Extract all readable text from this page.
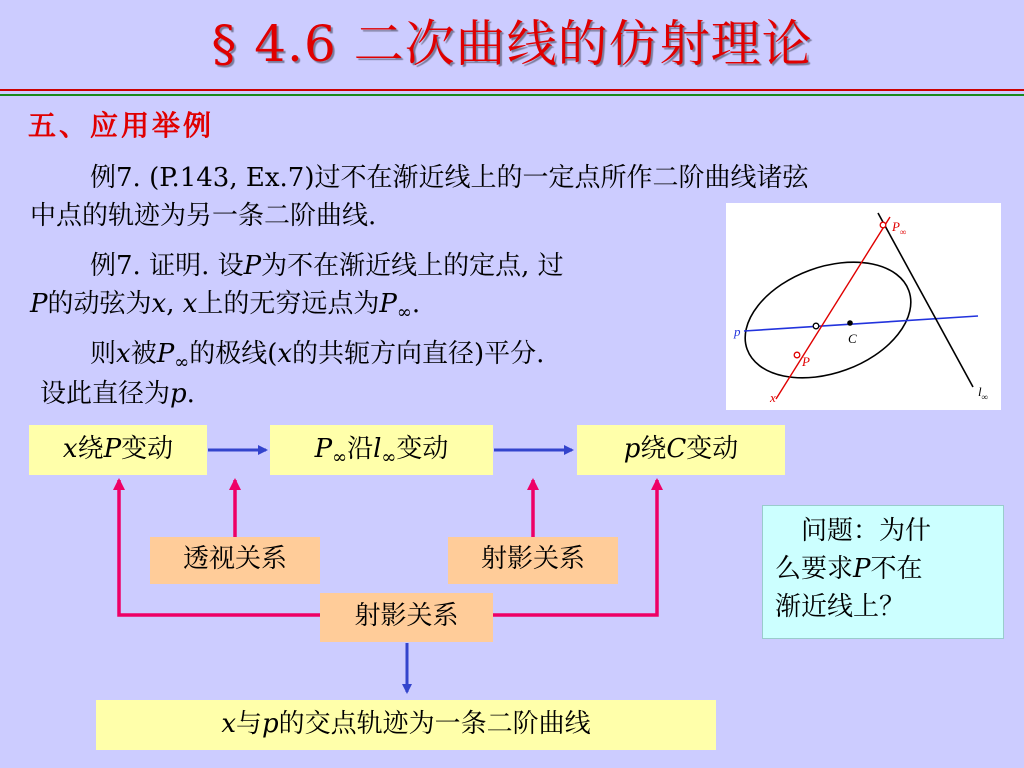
§ 4.6 二次曲线的仿射理论
五、应用举例
例7. (P.143, Ex.7)过不在渐近线上的一定点所作二阶曲线诸弦
中点的轨迹为另一条二阶曲线.
例7. 证明. 设P为不在渐近线上的定点, 过
P的动弦为x, x上的无穷远点为$P_\infty$.
则x被$P_\infty$的极线(x的共轭方向直径)平分.
设此直径为p.
$P_\infty$
P
C
p
x	$l_\infty$
x绕P变动	$P_\infty$沿$l_\infty$变动	p绕C变动
透视关系	射影关系
射影关系
x与p的交点轨迹为一条二阶曲线
问题：为什
么要求P不在
渐近线上？
